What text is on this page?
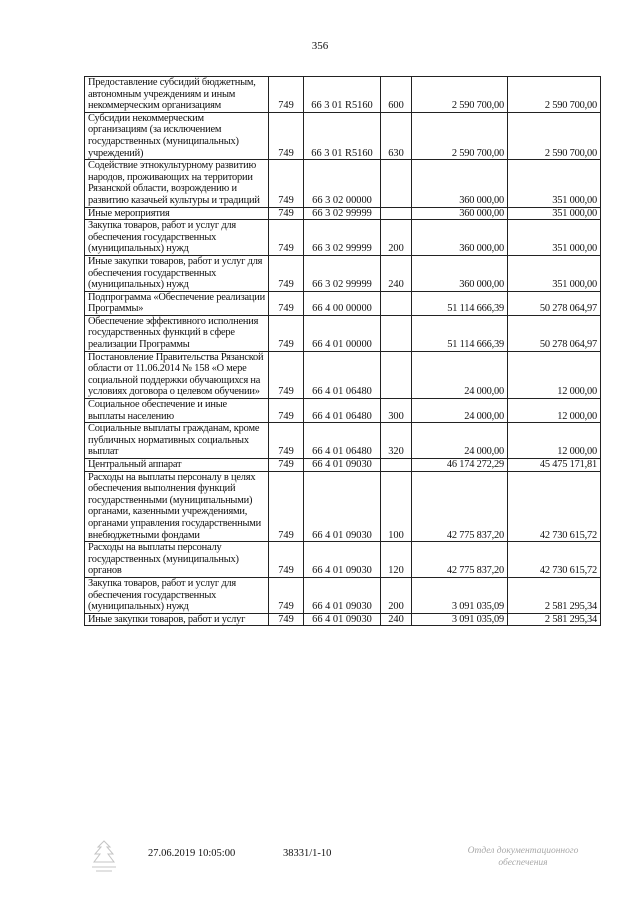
356
Предоставление субсидий бюджетным, автономным учреждениям и иным некоммерческим организациям	749	66 3 01 R5160	600	2 590 700,00	2 590 700,00
Субсидии некоммерческим организациям (за исключением государственных (муниципальных) учреждений)	749	66 3 01 R5160	630	2 590 700,00	2 590 700,00
Содействие этнокультурному развитию народов, проживающих на территории Рязанской области, возрождению и развитию казачьей культуры и традиций	749	66 3 02 00000		360 000,00	351 000,00
Иные мероприятия	749	66 3 02 99999		360 000,00	351 000,00
Закупка товаров, работ и услуг для обеспечения государственных (муниципальных) нужд	749	66 3 02 99999	200	360 000,00	351 000,00
Иные закупки товаров, работ и услуг для обеспечения государственных (муниципальных) нужд	749	66 3 02 99999	240	360 000,00	351 000,00
Подпрограмма «Обеспечение реализации Программы»	749	66 4 00 00000		51 114 666,39	50 278 064,97
Обеспечение эффективного исполнения государственных функций в сфере реализации Программы	749	66 4 01 00000		51 114 666,39	50 278 064,97
Постановление Правительства Рязанской области от 11.06.2014 № 158 «О мере социальной поддержки обучающихся на условиях договора о целевом обучении»	749	66 4 01 06480		24 000,00	12 000,00
Социальное обеспечение и иные выплаты населению	749	66 4 01 06480	300	24 000,00	12 000,00
Социальные выплаты гражданам, кроме публичных нормативных социальных выплат	749	66 4 01 06480	320	24 000,00	12 000,00
Центральный аппарат	749	66 4 01 09030		46 174 272,29	45 475 171,81
Расходы на выплаты персоналу в целях обеспечения выполнения функций государственными (муниципальными) органами, казенными учреждениями, органами управления государственными внебюджетными фондами	749	66 4 01 09030	100	42 775 837,20	42 730 615,72
Расходы на выплаты персоналу государственных (муниципальных) органов	749	66 4 01 09030	120	42 775 837,20	42 730 615,72
Закупка товаров, работ и услуг для обеспечения государственных (муниципальных) нужд	749	66 4 01 09030	200	3 091 035,09	2 581 295,34
Иные закупки товаров, работ и услуг	749	66 4 01 09030	240	3 091 035,09	2 581 295,34
27.06.2019 10:05:00	38331/1-10	Отдел документационного
обеспечения
